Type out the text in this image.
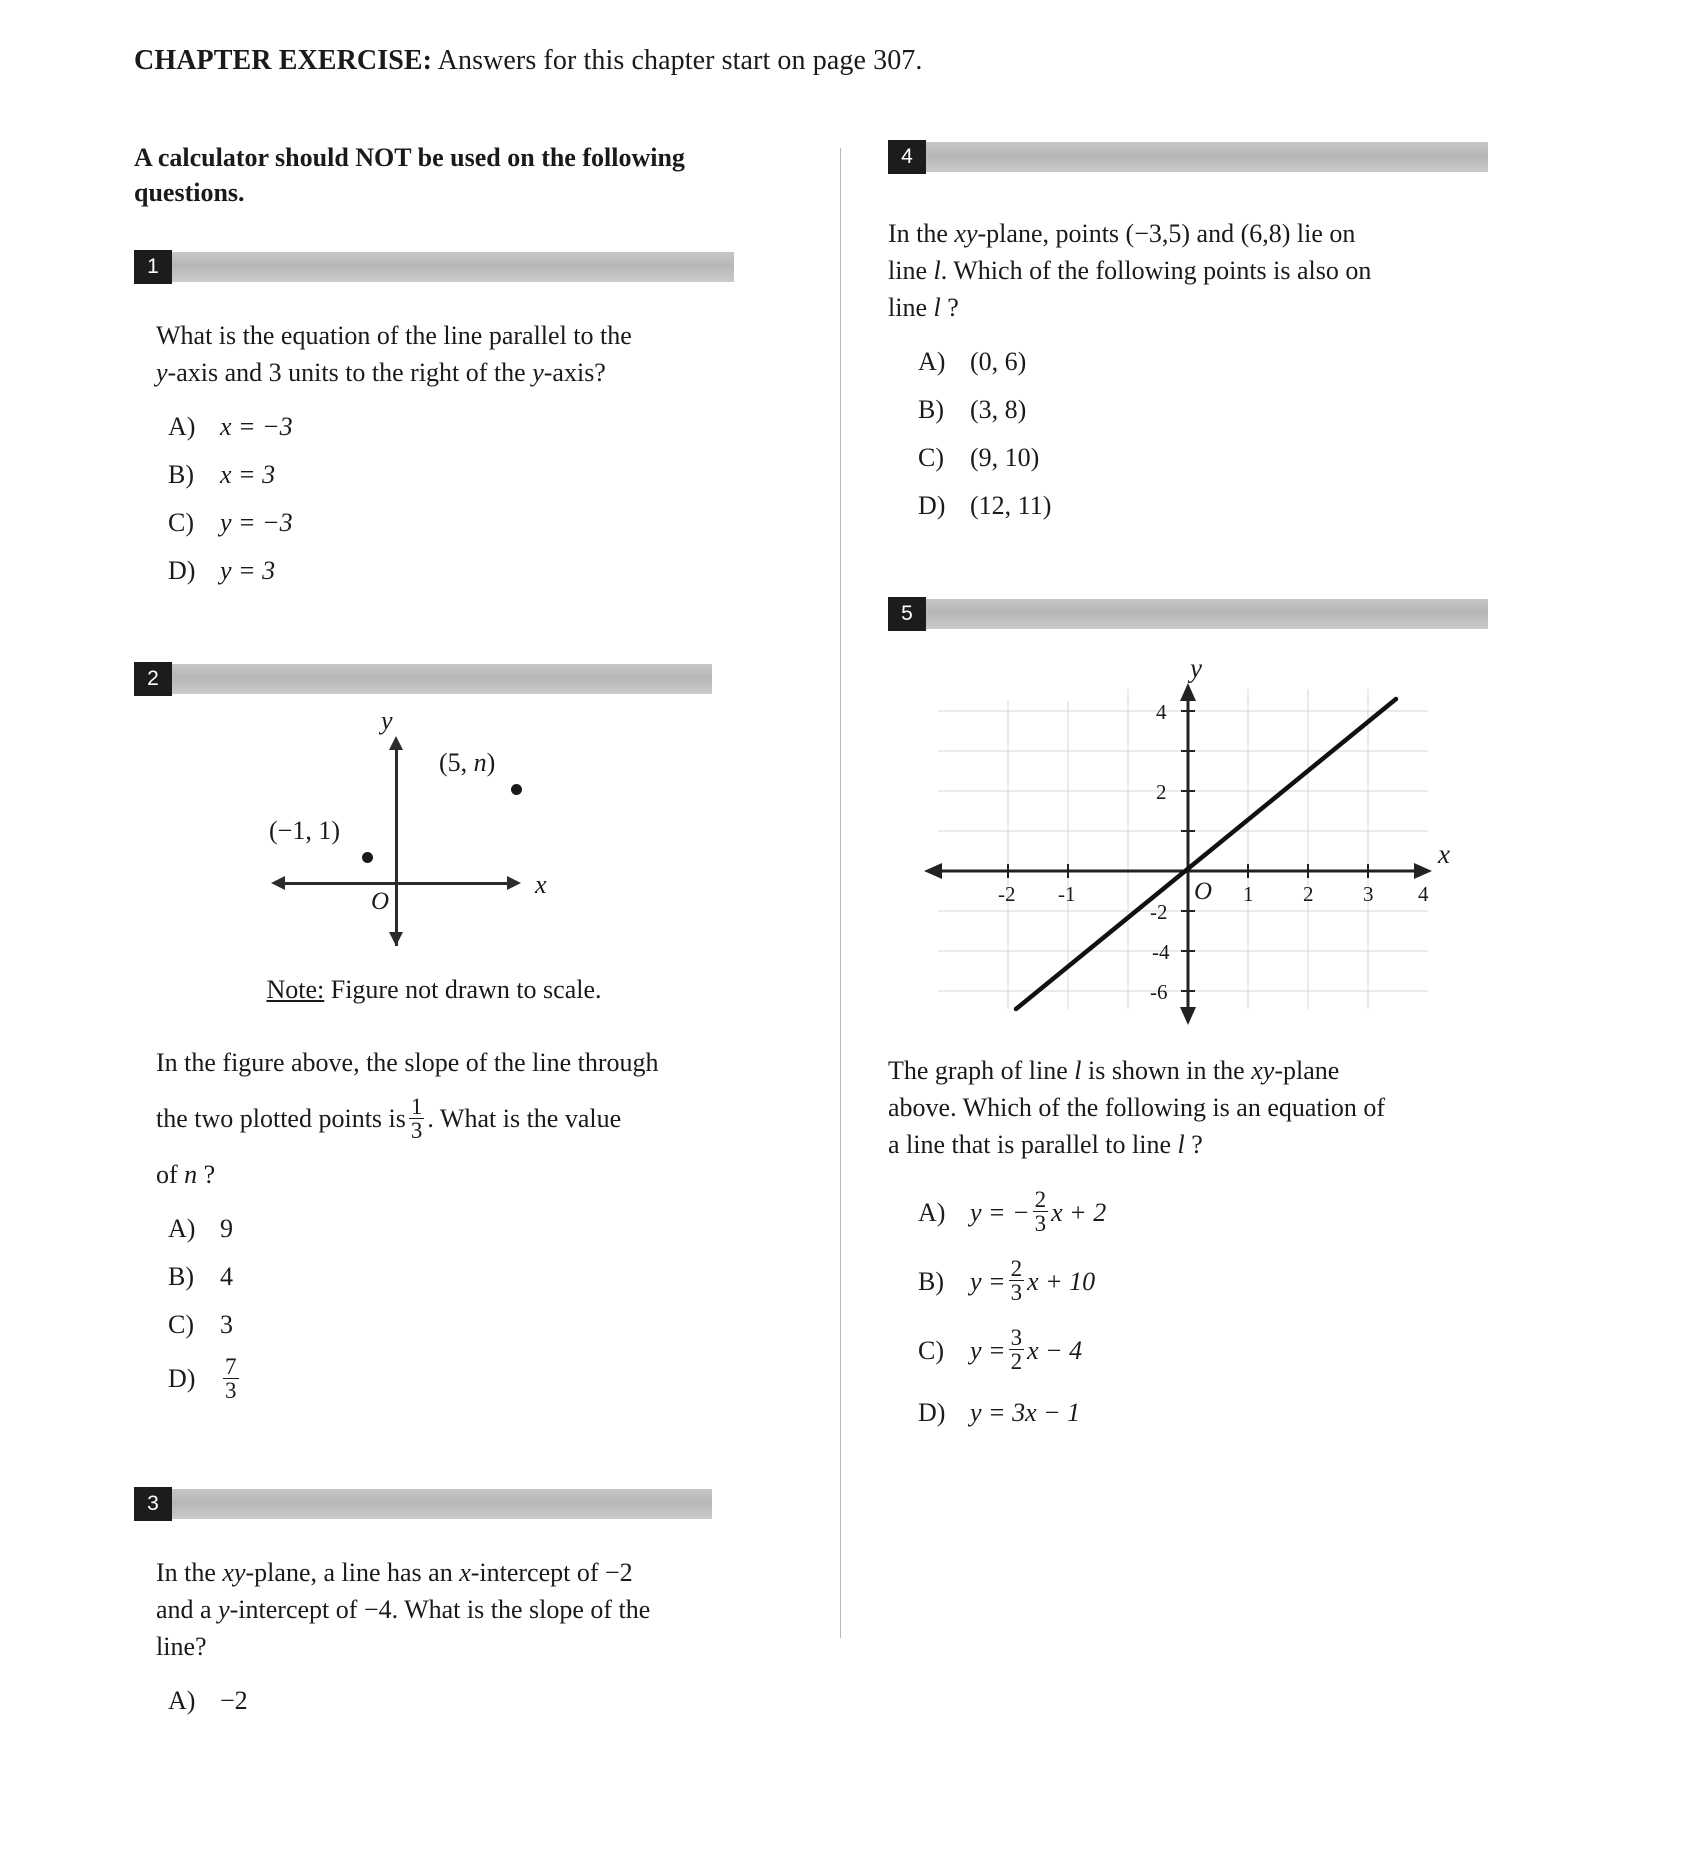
CHAPTER EXERCISE: Answers for this chapter start on page 307.

A calculator should NOT be used on the following questions.

1
What is the equation of the line parallel to the
y-axis and 3 units to the right of the y-axis?
A) x = −3
B)	x = 3
C)	y = −3
D) y = 3
2
(5, n)
(−1, 1)
y
x
O
Note: Figure not drawn to scale.
In the figure above, the slope of the line through
the two plotted points is $\frac{1}{3}$ . What is the value
of n ?
A) 9
B)	4
C)	3
D)	$\frac{7}{3}$
3
In the xy-plane, a line has an x-intercept of −2
and a y-intercept of −4. What is the slope of the
line?
A) −2
4
In the xy-plane, points (−3,5) and (6,8) lie on
line l. Which of the following points is also on
line l ?
A) (0, 6)
B)	(3, 8)
C)	(9, 10)
D) (12, 11)
5
y
x
O
4
2
-2
-4
-6
-2 -1	1 2 3 4
The graph of line l is shown in the xy-plane
above. Which of the following is an equation of
a line that is parallel to line l ?
A) y = − $\frac{2}{3}$ x + 2
B)	$y = \frac{2}{3}$ x + 10
C)	$y = \frac{3}{2}$ x − 4
D) y = 3x − 1
